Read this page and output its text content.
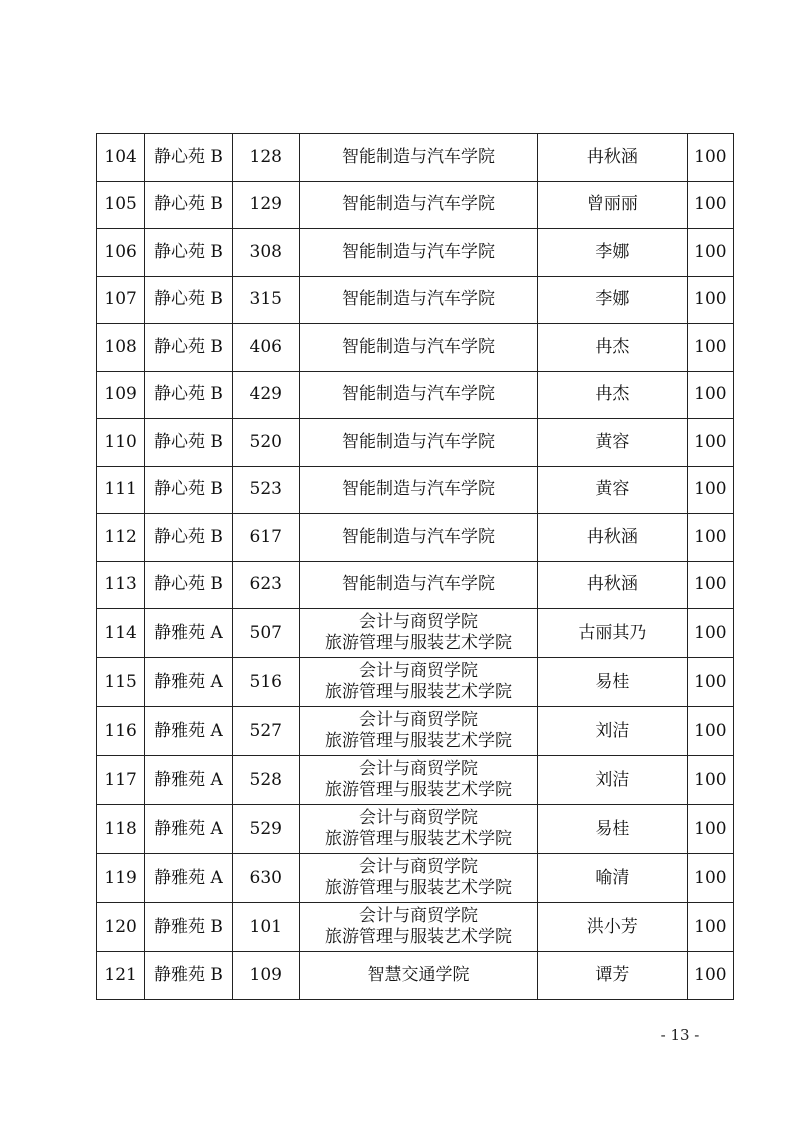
104	静心苑 B	128	智能制造与汽车学院	冉秋涵	100
105	静心苑 B	129	智能制造与汽车学院	曾丽丽	100
106	静心苑 B	308	智能制造与汽车学院	李娜	100
107	静心苑 B	315	智能制造与汽车学院	李娜	100
108	静心苑 B	406	智能制造与汽车学院	冉杰	100
109	静心苑 B	429	智能制造与汽车学院	冉杰	100
110	静心苑 B	520	智能制造与汽车学院	黄容	100
111	静心苑 B	523	智能制造与汽车学院	黄容	100
112	静心苑 B	617	智能制造与汽车学院	冉秋涵	100
113	静心苑 B	623	智能制造与汽车学院	冉秋涵	100
114	静雅苑 A	507	会计与商贸学院
旅游管理与服装艺术学院	古丽其乃	100
115	静雅苑 A	516	会计与商贸学院
旅游管理与服装艺术学院	易桂	100
116	静雅苑 A	527	会计与商贸学院
旅游管理与服装艺术学院	刘洁	100
117	静雅苑 A	528	会计与商贸学院
旅游管理与服装艺术学院	刘洁	100
118	静雅苑 A	529	会计与商贸学院
旅游管理与服装艺术学院	易桂	100
119	静雅苑 A	630	会计与商贸学院
旅游管理与服装艺术学院	喻清	100
120	静雅苑 B	101	会计与商贸学院
旅游管理与服装艺术学院	洪小芳	100
121	静雅苑 B	109	智慧交通学院	谭芳	100
- 13 -
